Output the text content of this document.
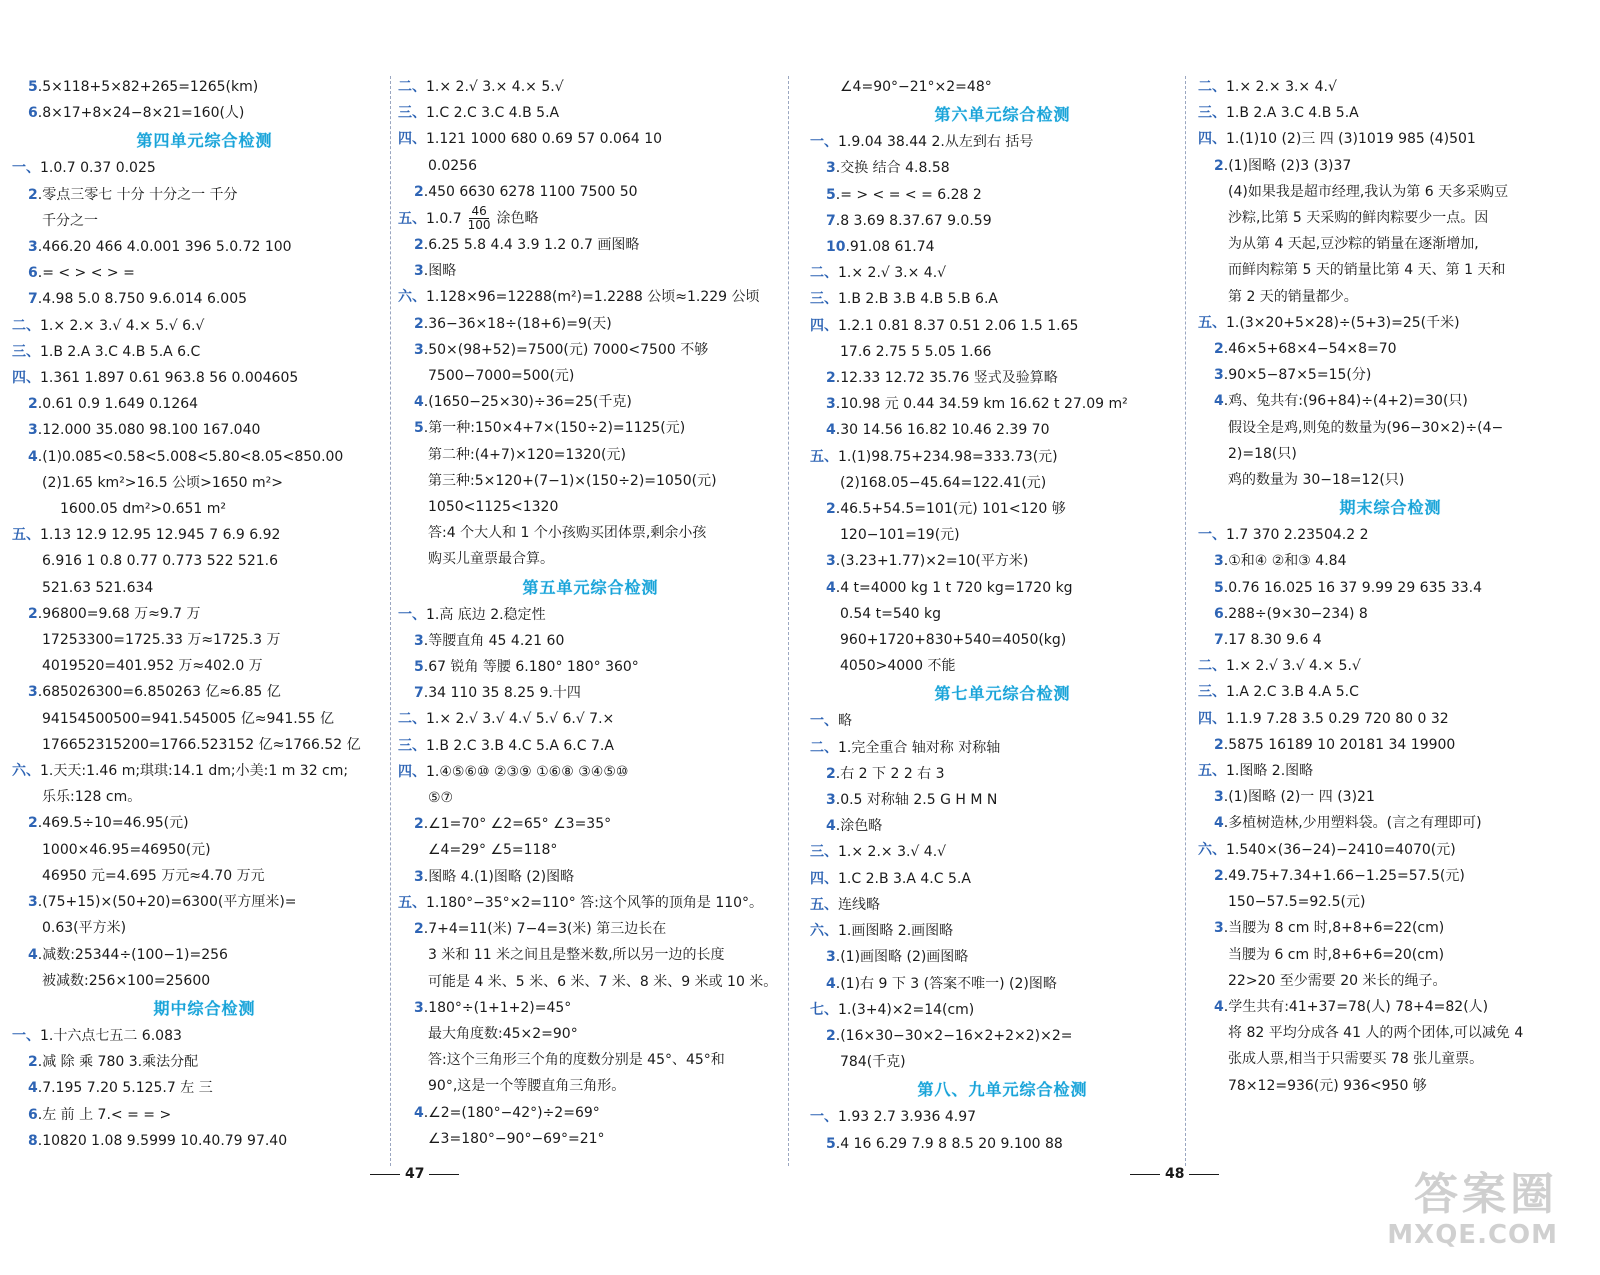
5.5×118+5×82+265=1265(km)
6.8×17+8×24−8×21=160(人)
第四单元综合检测
一、1.0.7 0.37 0.025
2.零点三零七 十分 十分之一 千分
千分之一
3.466.20 466 4.0.001 396 5.0.72 100
6.= < > < > =
7.4.98 5.0 8.750 9.6.014 6.005
二、1.× 2.× 3.√ 4.× 5.√ 6.√
三、1.B 2.A 3.C 4.B 5.A 6.C
四、1.361 1.897 0.61 963.8 56 0.004605
2.0.61 0.9 1.649 0.1264
3.12.000 35.080 98.100 167.040
4.(1)0.085<0.58<5.008<5.80<8.05<850.00
(2)1.65 km²>16.5 公顷>1650 m²>
1600.05 dm²>0.651 m²
五、1.13 12.9 12.95 12.945 7 6.9 6.92
6.916 1 0.8 0.77 0.773 522 521.6
521.63 521.634
2.96800=9.68 万≈9.7 万
17253300=1725.33 万≈1725.3 万
4019520=401.952 万≈402.0 万
3.685026300=6.850263 亿≈6.85 亿
94154500500=941.545005 亿≈941.55 亿
176652315200=1766.523152 亿≈1766.52 亿
六、1.天天:1.46 m;琪琪:14.1 dm;小美:1 m 32 cm;
乐乐:128 cm。
2.469.5÷10=46.95(元)
1000×46.95=46950(元)
46950 元=4.695 万元≈4.70 万元
3.(75+15)×(50+20)=6300(平方厘米)=
0.63(平方米)
4.减数:25344÷(100−1)=256
被减数:256×100=25600
期中综合检测
一、1.十六点七五二 6.083
2.减 除 乘 780 3.乘法分配
4.7.195 7.20 5.125.7 左 三
6.左 前 上 7.< = = >
8.10820 1.08 9.5999 10.40.79 97.40
二、1.× 2.√ 3.× 4.× 5.√
三、1.C 2.C 3.C 4.B 5.A
四、1.121 1000 680 0.69 57 0.064 10
0.0256
2.450 6630 6278 1100 7500 50
五、$1.0.7 \frac{46}{100}$ 涂色略
2.6.25 5.8 4.4 3.9 1.2 0.7 画图略
3.图略
六、1.128×96=12288(m²)=1.2288 公顷≈1.229 公顷
2.36−36×18÷(18+6)=9(天)
3.50×(98+52)=7500(元) 7000<7500 不够
7500−7000=500(元)
4.(1650−25×30)÷36=25(千克)
5.第一种:150×4+7×(150÷2)=1125(元)
第二种:(4+7)×120=1320(元)
第三种:5×120+(7−1)×(150÷2)=1050(元)
1050<1125<1320
答:4 个大人和 1 个小孩购买团体票,剩余小孩
购买儿童票最合算。
第五单元综合检测
一、1.高 底边 2.稳定性
3.等腰直角 45 4.21 60
5.67 锐角 等腰 6.180° 180° 360°
7.34 110 35 8.25 9.十四
二、1.× 2.√ 3.√ 4.√ 5.√ 6.√ 7.×
三、1.B 2.C 3.B 4.C 5.A 6.C 7.A
四、1.④⑤⑥⑩ ②③⑨ ①⑥⑧ ③④⑤⑩
⑤⑦
2.∠1=70° ∠2=65° ∠3=35°
∠4=29° ∠5=118°
3.图略 4.(1)图略 (2)图略
五、1.180°−35°×2=110° 答:这个风筝的顶角是 110°。
2.7+4=11(米) 7−4=3(米) 第三边长在
3 米和 11 米之间且是整米数,所以另一边的长度
可能是 4 米、5 米、6 米、7 米、8 米、9 米或 10 米。
3.180°÷(1+1+2)=45°
最大角度数:45×2=90°
答:这个三角形三个角的度数分别是 45°、45°和
90°,这是一个等腰直角三角形。
4.∠2=(180°−42°)÷2=69°
∠3=180°−90°−69°=21°
47
∠4=90°−21°×2=48°
第六单元综合检测
一、1.9.04 38.44 2.从左到右 括号
3.交换 结合 4.8.58
5.= > < = < = 6.28 2
7.8 3.69 8.37.67 9.0.59
10.91.08 61.74
二、1.× 2.√ 3.× 4.√
三、1.B 2.B 3.B 4.B 5.B 6.A
四、1.2.1 0.81 8.37 0.51 2.06 1.5 1.65
17.6 2.75 5 5.05 1.66
2.12.33 12.72 35.76 竖式及验算略
3.10.98 元 0.44 34.59 km 16.62 t 27.09 m²
4.30 14.56 16.82 10.46 2.39 70
五、1.(1)98.75+234.98=333.73(元)
(2)168.05−45.64=122.41(元)
2.46.5+54.5=101(元) 101<120 够
120−101=19(元)
3.(3.23+1.77)×2=10(平方米)
4.4 t=4000 kg 1 t 720 kg=1720 kg
0.54 t=540 kg
960+1720+830+540=4050(kg)
4050>4000 不能
第七单元综合检测
一、略
二、1.完全重合 轴对称 对称轴
2.右 2 下 2 2 右 3
3.0.5 对称轴 2.5 G H M N
4.涂色略
三、1.× 2.× 3.√ 4.√
四、1.C 2.B 3.A 4.C 5.A
五、连线略
六、1.画图略 2.画图略
3.(1)画图略 (2)画图略
4.(1)右 9 下 3 (答案不唯一) (2)图略
七、1.(3+4)×2=14(cm)
2.(16×30−30×2−16×2+2×2)×2=
784(千克)
第八、九单元综合检测
一、1.93 2.7 3.936 4.97
5.4 16 6.29 7.9 8 8.5 20 9.100 88
二、1.× 2.× 3.× 4.√
三、1.B 2.A 3.C 4.B 5.A
四、1.(1)10 (2)三 四 (3)1019 985 (4)501
2.(1)图略 (2)3 (3)37
(4)如果我是超市经理,我认为第 6 天多采购豆
沙粽,比第 5 天采购的鲜肉粽要少一点。因
为从第 4 天起,豆沙粽的销量在逐渐增加,
而鲜肉粽第 5 天的销量比第 4 天、第 1 天和
第 2 天的销量都少。
五、1.(3×20+5×28)÷(5+3)=25(千米)
2.46×5+68×4−54×8=70
3.90×5−87×5=15(分)
4.鸡、兔共有:(96+84)÷(4+2)=30(只)
假设全是鸡,则兔的数量为(96−30×2)÷(4−
2)=18(只)
鸡的数量为 30−18=12(只)
期末综合检测
一、1.7 370 2.23504.2 2
3.①和④ ②和③ 4.84
5.0.76 16.025 16 37 9.99 29 635 33.4
6.288÷(9×30−234) 8
7.17 8.30 9.6 4
二、1.× 2.√ 3.√ 4.× 5.√
三、1.A 2.C 3.B 4.A 5.C
四、1.1.9 7.28 3.5 0.29 720 80 0 32
2.5875 16189 10 20181 34 19900
五、1.图略 2.图略
3.(1)图略 (2)一 四 (3)21
4.多植树造林,少用塑料袋。(言之有理即可)
六、1.540×(36−24)−2410=4070(元)
2.49.75+7.34+1.66−1.25=57.5(元)
150−57.5=92.5(元)
3.当腰为 8 cm 时,8+8+6=22(cm)
当腰为 6 cm 时,8+6+6=20(cm)
22>20 至少需要 20 米长的绳子。
4.学生共有:41+37=78(人) 78+4=82(人)
将 82 平均分成各 41 人的两个团体,可以减免 4
张成人票,相当于只需要买 78 张儿童票。
78×12=936(元) 936<950 够
48	答案圈
MXQE.COM
